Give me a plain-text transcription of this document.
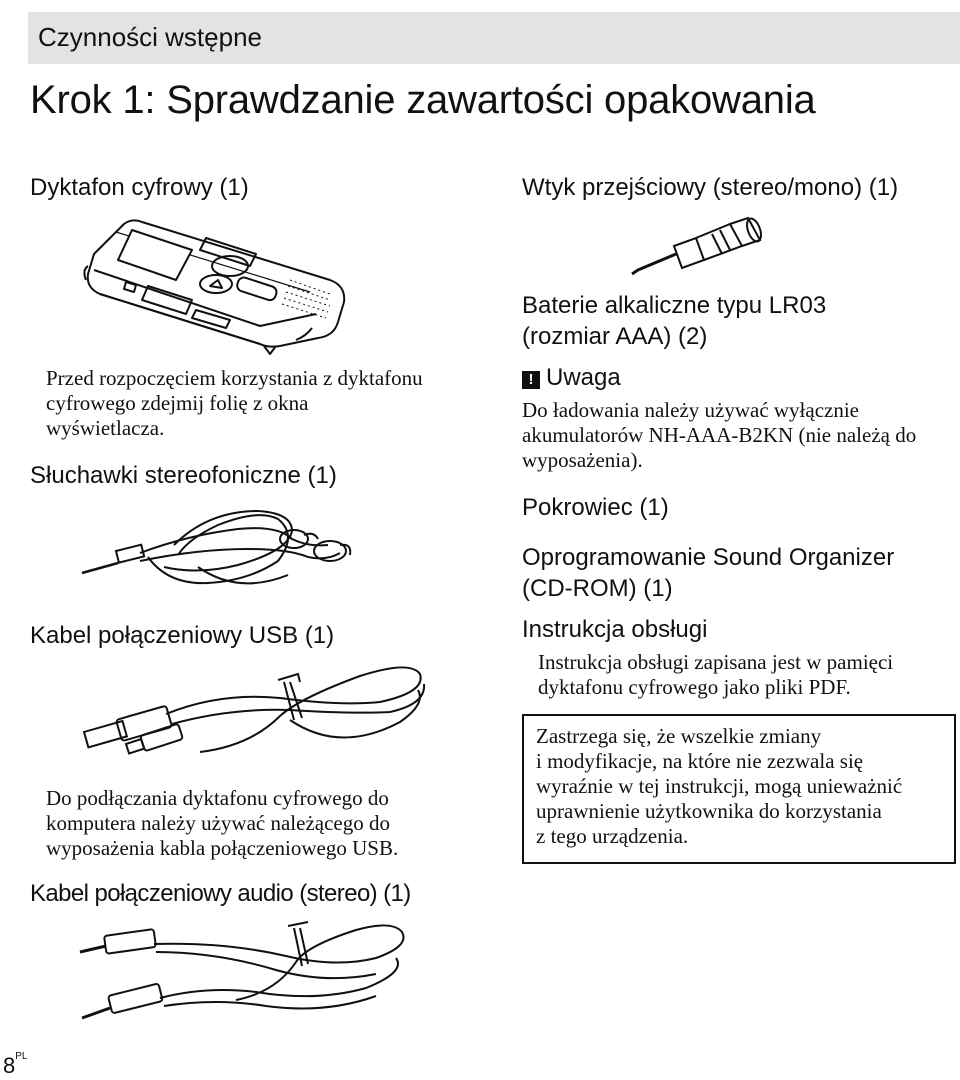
Czynności wstępne
Krok 1: Sprawdzanie zawartości opakowania
Dyktafon cyfrowy (1)

Przed rozpoczęciem korzystania z dyktafonu
cyfrowego zdejmij folię z okna
wyświetlacza.

Słuchawki stereofoniczne (1)
Kabel połączeniowy USB (1)

Do podłączania dyktafonu cyfrowego do
komputera należy używać należącego do
wyposażenia kabla połączeniowego USB.

Kabel połączeniowy audio (stereo) (1)
Wtyk przejściowy (stereo/mono) (1)
Baterie alkaliczne typu LR03
(rozmiar AAA) (2)
! Uwaga

Do ładowania należy używać wyłącznie
akumulatorów NH-AAA-B2KN (nie należą do
wyposażenia).

Pokrowiec (1)
Oprogramowanie Sound Organizer
(CD-ROM) (1)
Instrukcja obsługi

Instrukcja obsługi zapisana jest w pamięci
dyktafonu cyfrowego jako pliki PDF.

Zastrzega się, że wszelkie zmiany
i modyfikacje, na które nie zezwala się
wyraźnie w tej instrukcji, mogą unieważnić
uprawnienie użytkownika do korzystania
z tego urządzenia.

$8^{PL}$
